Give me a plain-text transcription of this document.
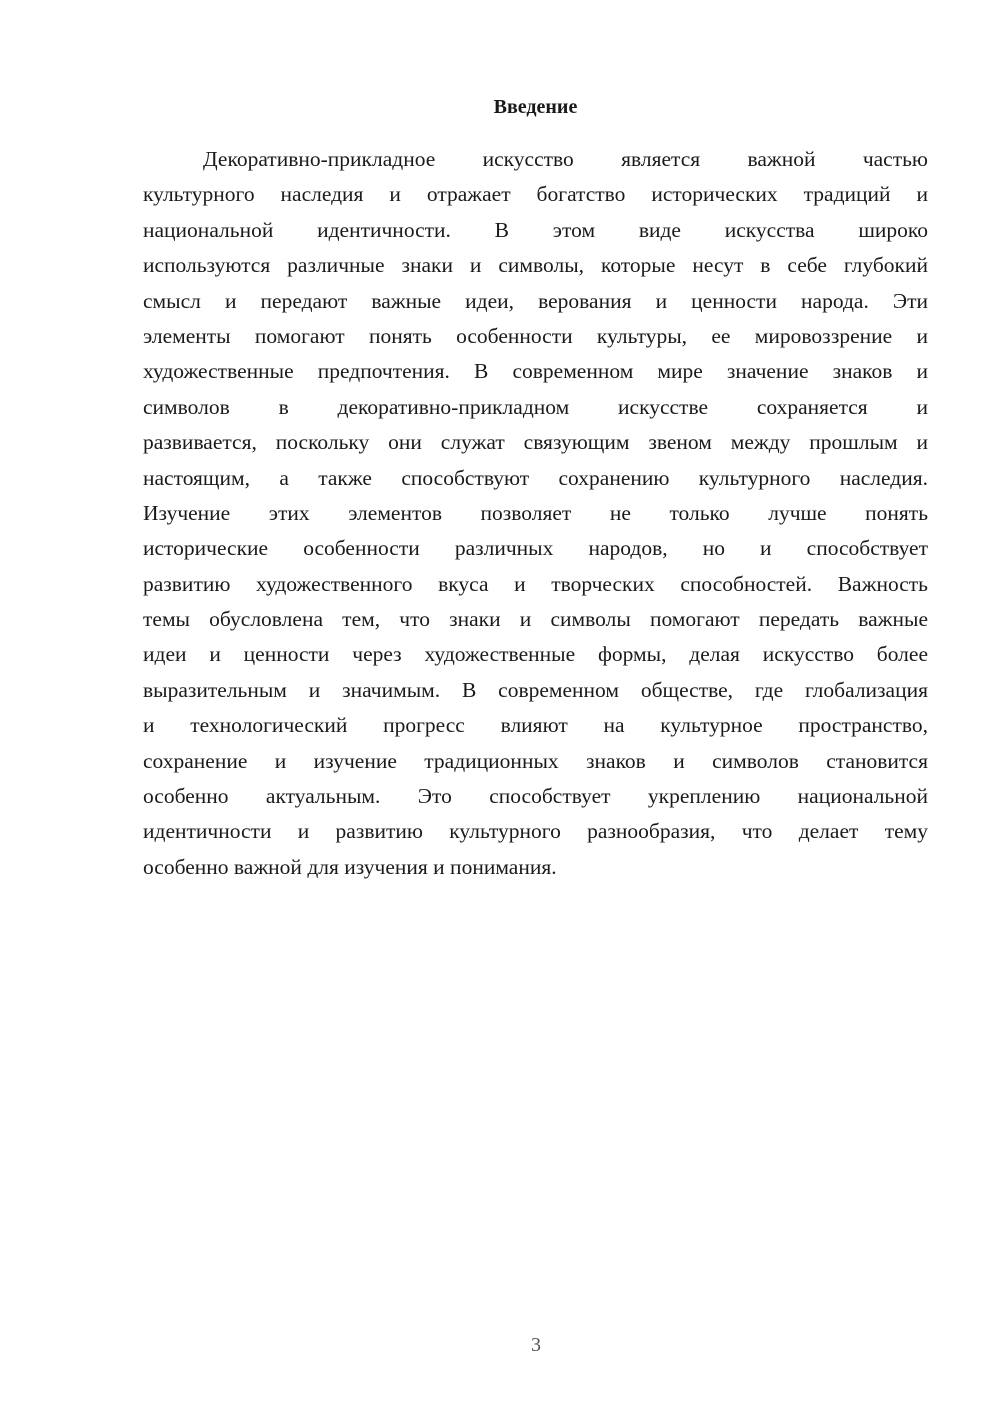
Введение
Декоративно-прикладное искусство является важной частью
культурного наследия и отражает богатство исторических традиций и
национальной идентичности. В этом виде искусства широко
используются различные знаки и символы, которые несут в себе глубокий
смысл и передают важные идеи, верования и ценности народа. Эти
элементы помогают понять особенности культуры, ее мировоззрение и
художественные предпочтения. В современном мире значение знаков и
символов в декоративно-прикладном искусстве сохраняется и
развивается, поскольку они служат связующим звеном между прошлым и
настоящим, а также способствуют сохранению культурного наследия.
Изучение этих элементов позволяет не только лучше понять
исторические особенности различных народов, но и способствует
развитию художественного вкуса и творческих способностей. Важность
темы обусловлена тем, что знаки и символы помогают передать важные
идеи и ценности через художественные формы, делая искусство более
выразительным и значимым. В современном обществе, где глобализация
и технологический прогресс влияют на культурное пространство,
сохранение и изучение традиционных знаков и символов становится
особенно актуальным. Это способствует укреплению национальной
идентичности и развитию культурного разнообразия, что делает тему
особенно важной для изучения и понимания.
3
